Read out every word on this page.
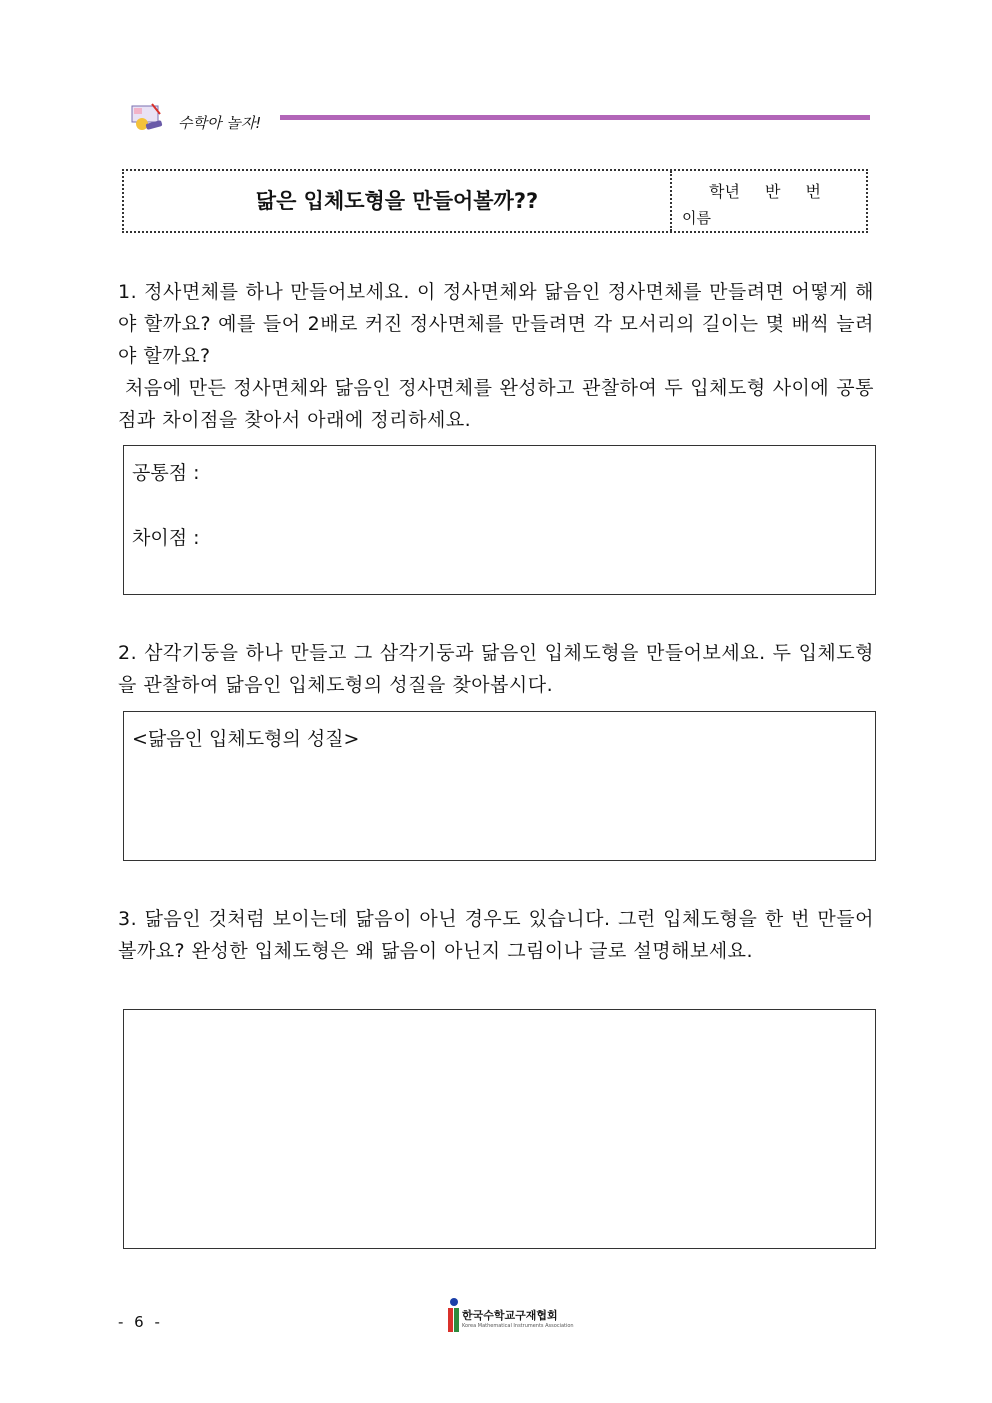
수학아 놀자!
닮은 입체도형을 만들어볼까??	학년 반 번
이름
1. 정사면체를 하나 만들어보세요. 이 정사면체와 닮음인 정사면체를 만들려면 어떻게 해야 할까요? 예를 들어 2배로 커진 정사면체를 만들려면 각 모서리의 길이는 몇 배씩 늘려야 할까요?
처음에 만든 정사면체와 닮음인 정사면체를 완성하고 관찰하여 두 입체도형 사이에 공통점과 차이점을 찾아서 아래에 정리하세요.
공통점 :
차이점 :
2. 삼각기둥을 하나 만들고 그 삼각기둥과 닮음인 입체도형을 만들어보세요. 두 입체도형을 관찰하여 닮음인 입체도형의 성질을 찾아봅시다.
<닮음인 입체도형의 성질>
3. 닮음인 것처럼 보이는데 닮음이 아닌 경우도 있습니다. 그런 입체도형을 한 번 만들어볼까요? 완성한 입체도형은 왜 닮음이 아닌지 그림이나 글로 설명해보세요.
- 6 -	한국수학교구재협회
Korea Mathematical Instruments Association
